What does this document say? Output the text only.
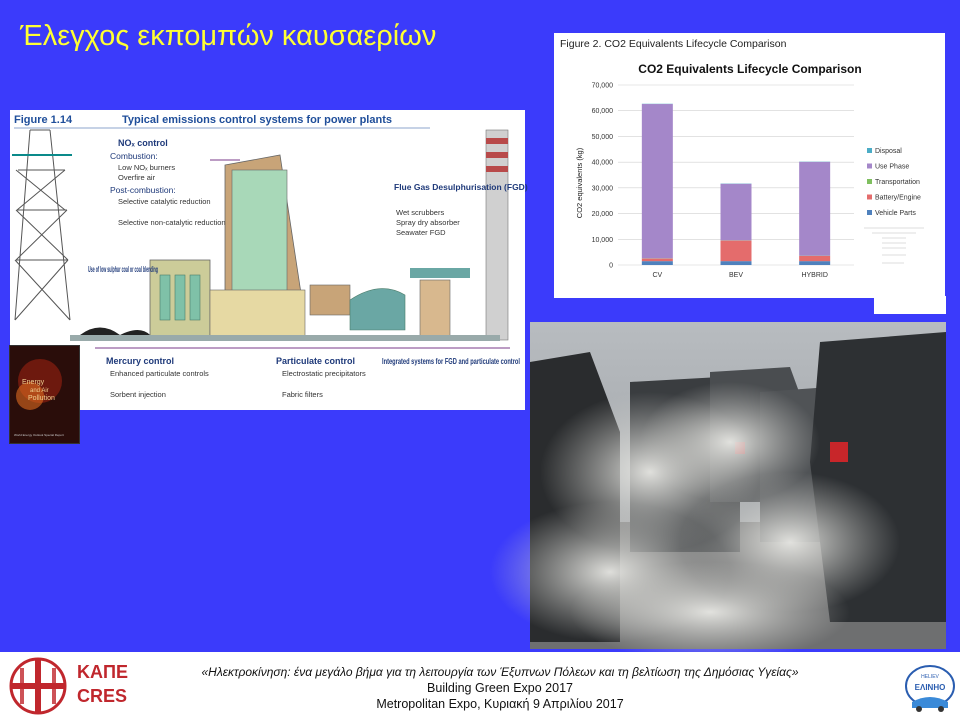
Έλεγχος εκπομπών καυσαερίων
Figure 1.14	Typical emissions control systems for power plants
NOₓ control
Combustion:
Low NOₓ burners
Overfire air
Post-combustion:
Selective catalytic reduction
Selective non-catalytic reduction
Flue Gas Desulphurisation (FGD)
Wet scrubbers
Spray dry absorber
Seawater FGD
Use of low sulphur coal or coal blending
Mercury control
Enhanced particulate controls
Sorbent injection
Particulate control
Electrostatic precipitators
Fabric filters
Integrated systems for FGD and particulate control
Energy
and Air
Pollution
World Energy Outlook Special Report
Figure 2. CO2 Equivalents Lifecycle Comparison
CO2 Equivalents Lifecycle Comparison
CO2 equivalents (kg)
CV	BEV	HYBRID
0
10,000
20,000
30,000
40,000
50,000
60,000
70,000
Disposal
Use Phase
Transportation
Battery/Engine
Vehicle Parts
ΚΑΠΕ
CRES
«Ηλεκτροκίνηση: ένα μεγάλο βήμα για τη λειτουργία των Έξυπνων Πόλεων και τη βελτίωση της Δημόσιας Υγείας»
Building Green Expo 2017
Metropolitan Expo, Κυριακή 9 Απριλίου 2017
HELIEV
ΕΛΙΝΗΟ
